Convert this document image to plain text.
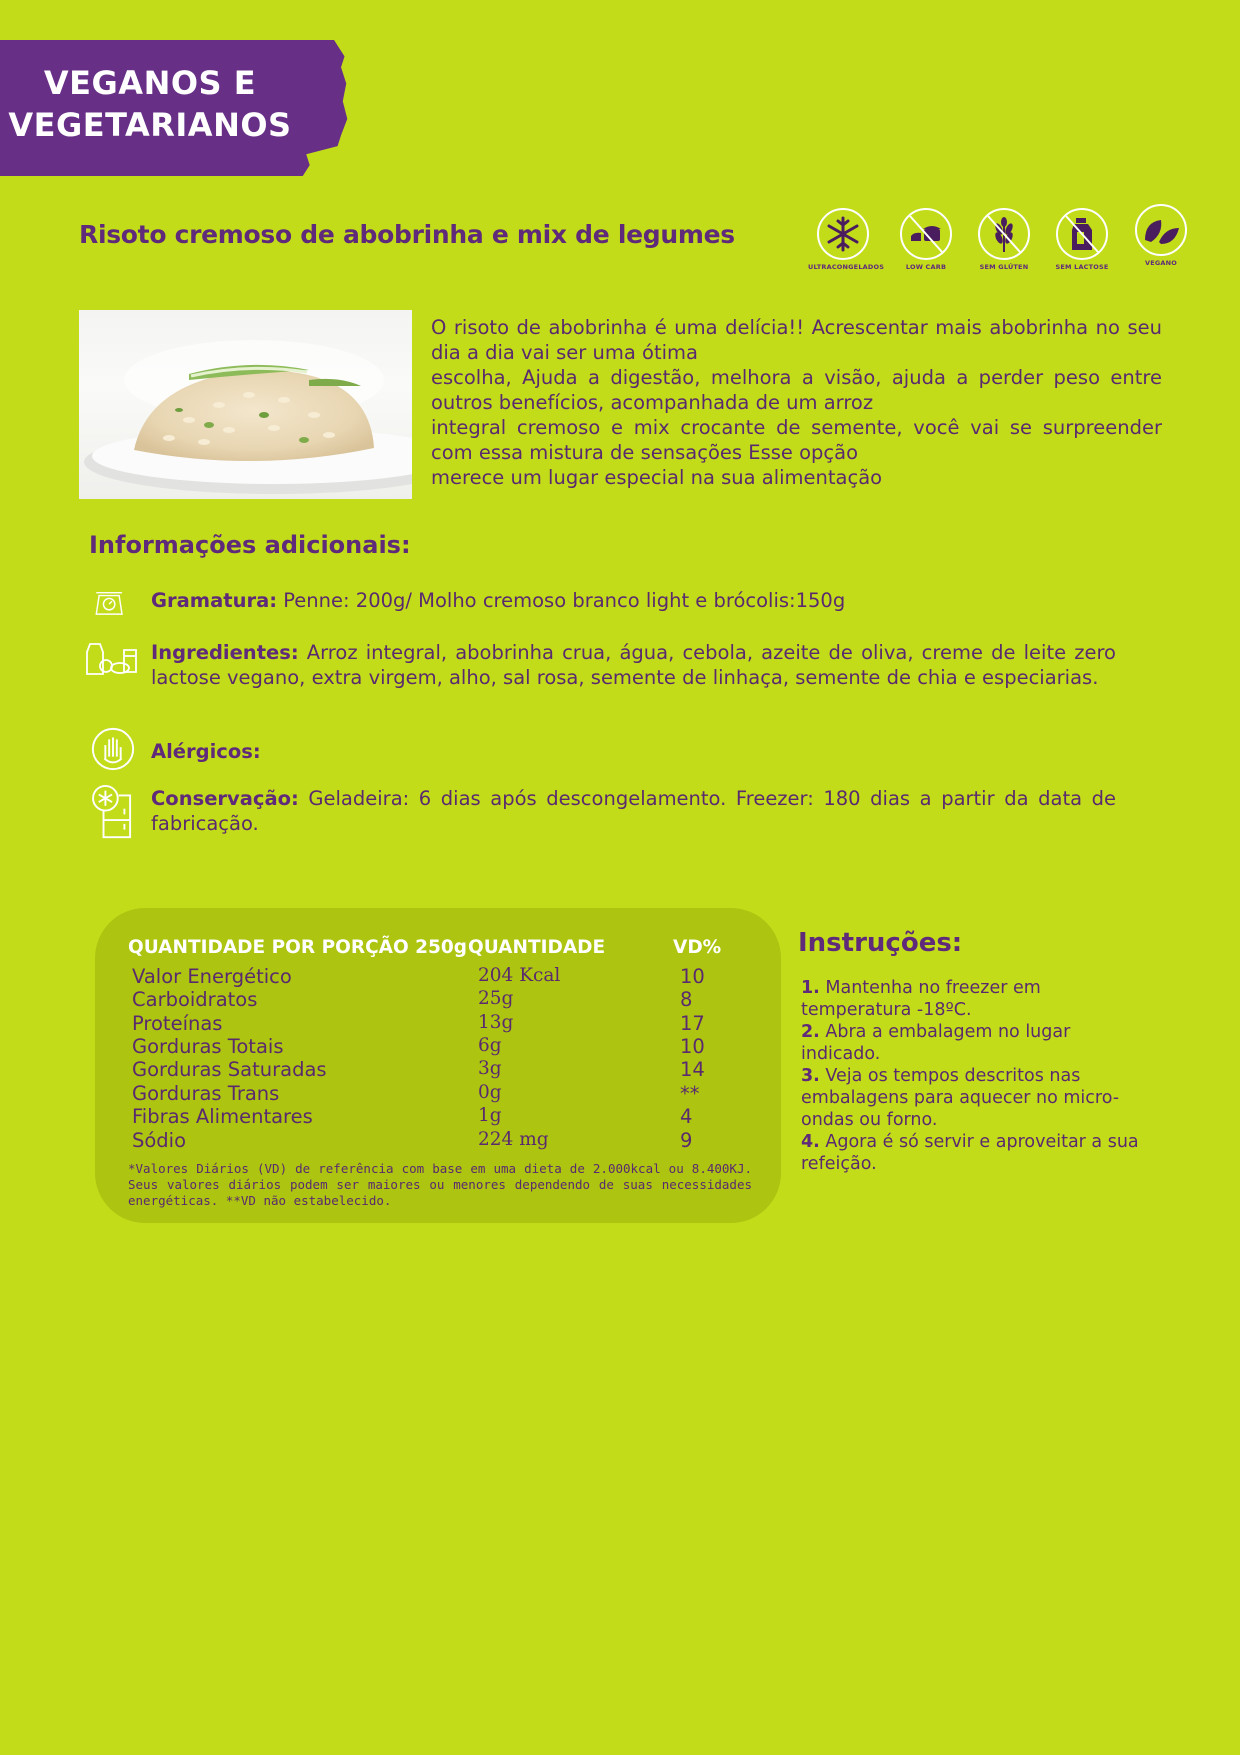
VEGANOS E
VEGETARIANOS
Risoto cremoso de abobrinha e mix de legumes
ULTRACONGELADOS	LOW CARB	SEM GLÚTEN	SEM LACTOSE	VEGANO

O risoto de abobrinha é uma delícia!! Acrescentar mais abobrinha no seu dia a dia vai ser uma ótima

escolha, Ajuda a digestão, melhora a visão, ajuda a perder peso entre outros benefícios, acompanhada de um arroz

integral cremoso e mix crocante de semente, você vai se surpreender com essa mistura de sensações Esse opção

merece um lugar especial na sua alimentação

Informações adicionais:
Gramatura: Penne: 200g/ Molho cremoso branco light e brócolis:150g
Ingredientes: Arroz integral, abobrinha crua, água, cebola, azeite de oliva, creme de leite zero lactose vegano, extra virgem, alho, sal rosa, semente de linhaça, semente de chia e especiarias.
Alérgicos:
Conservação: Geladeira: 6 dias após descongelamento. Freezer: 180 dias a partir da data de fabricação.
QUANTIDADE POR PORÇÃO 250g QUANTIDADE	VD%
Valor Energético	204 Kcal	10
Carboidratos	25g	8
Proteínas	13g	17
Gorduras Totais	6g	10
Gorduras Saturadas	3g	14
Gorduras Trans	0g	**
Fibras Alimentares	1g	4
Sódio	224 mg	9
*Valores Diários (VD) de referência com base em uma dieta de 2.000kcal ou 8.400KJ. Seus valores diários podem ser maiores ou menores dependendo de suas necessidades energéticas. **VD não estabelecido.
Instruções:

1. Mantenha no freezer em temperatura -18ºC.

2. Abra a embalagem no lugar indicado.

3. Veja os tempos descritos nas embalagens para aquecer no micro-ondas ou forno.

4. Agora é só servir e aproveitar a sua refeição.
